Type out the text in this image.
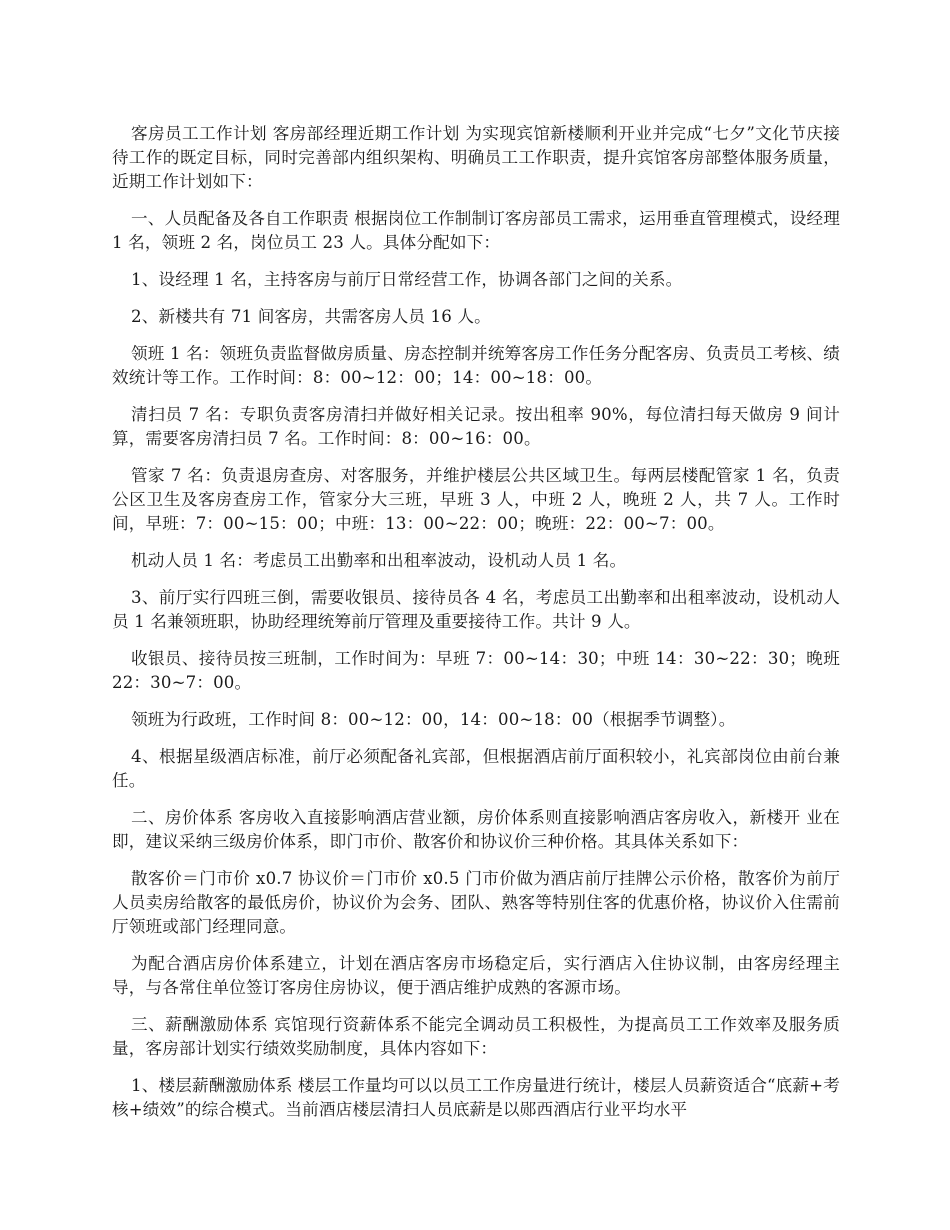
客房员工工作计划 客房部经理近期工作计划 为实现宾馆新楼顺利开业并完成“七夕”文化节庆接待工作的既定目标，同时完善部内组织架构、明确员工工作职责，提升宾馆客房部整体服务质量，近期工作计划如下：

一、人员配备及各自工作职责 根据岗位工作制制订客房部员工需求，运用垂直管理模式，设经理 1 名，领班 2 名，岗位员工 23 人。具体分配如下：

1、设经理 1 名，主持客房与前厅日常经营工作，协调各部门之间的关系。

2、新楼共有 71 间客房，共需客房人员 16 人。

领班 1 名：领班负责监督做房质量、房态控制并统筹客房工作任务分配客房、负责员工考核、绩效统计等工作。工作时间：8：00~12：00；14：00~18：00。

清扫员 7 名：专职负责客房清扫并做好相关记录。按出租率 90%，每位清扫每天做房 9 间计算，需要客房清扫员 7 名。工作时间：8：00~16：00。

管家 7 名：负责退房查房、对客服务，并维护楼层公共区域卫生。每两层楼配管家 1 名，负责公区卫生及客房查房工作，管家分大三班，早班 3 人，中班 2 人，晚班 2 人，共 7 人。工作时间，早班：7：00~15：00；中班：13：00~22：00；晚班：22：00~7：00。

机动人员 1 名：考虑员工出勤率和出租率波动，设机动人员 1 名。

3、前厅实行四班三倒，需要收银员、接待员各 4 名，考虑员工出勤率和出租率波动，设机动人员 1 名兼领班职，协助经理统筹前厅管理及重要接待工作。共计 9 人。

收银员、接待员按三班制，工作时间为：早班 7：00~14：30；中班 14：30~22：30；晚班 22：30~7：00。

领班为行政班，工作时间 8：00~12：00，14：00~18：00（根据季节调整）。

4、根据星级酒店标准，前厅必须配备礼宾部，但根据酒店前厅面积较小，礼宾部岗位由前台兼任。

二、房价体系 客房收入直接影响酒店营业额，房价体系则直接影响酒店客房收入，新楼开 业在即，建议采纳三级房价体系，即门市价、散客价和协议价三种价格。其具体关系如下：

散客价＝门市价 x0.7 协议价＝门市价 x0.5 门市价做为酒店前厅挂牌公示价格，散客价为前厅人员卖房给散客的最低房价，协议价为会务、团队、熟客等特别住客的优惠价格，协议价入住需前厅领班或部门经理同意。

为配合酒店房价体系建立，计划在酒店客房市场稳定后，实行酒店入住协议制，由客房经理主导，与各常住单位签订客房住房协议，便于酒店维护成熟的客源市场。

三、薪酬激励体系 宾馆现行资薪体系不能完全调动员工积极性，为提高员工工作效率及服务质量，客房部计划实行绩效奖励制度，具体内容如下：

1、楼层薪酬激励体系 楼层工作量均可以以员工工作房量进行统计，楼层人员薪资适合“底薪+考核+绩效”的综合模式。当前酒店楼层清扫人员底薪是以郧西酒店行业平均水平
